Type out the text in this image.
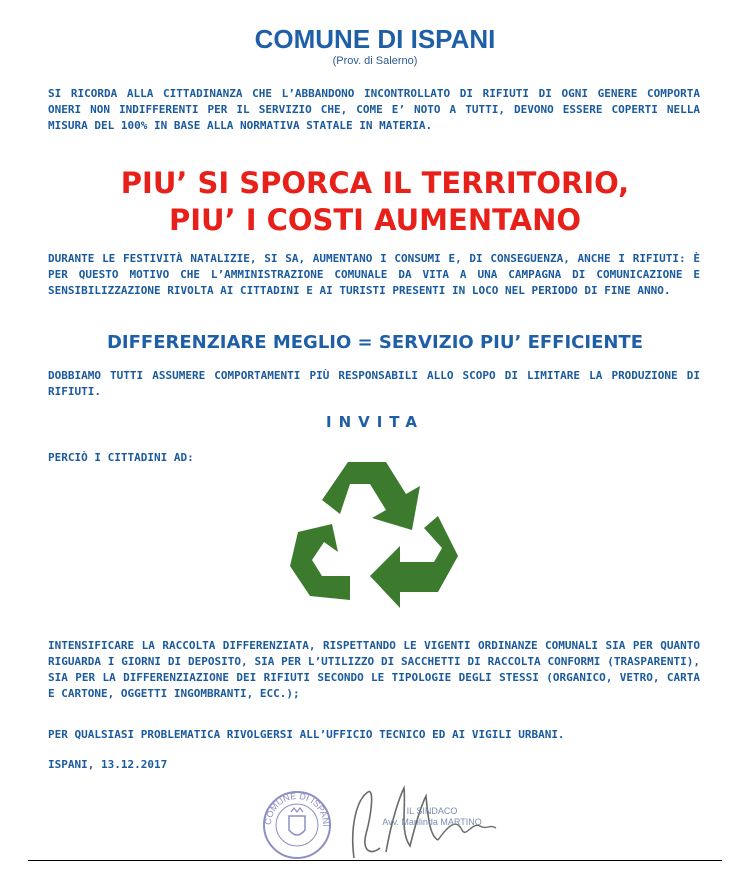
COMUNE DI ISPANI
(Prov. di Salerno)
SI RICORDA ALLA CITTADINANZA CHE L’ABBANDONO INCONTROLLATO DI RIFIUTI DI OGNI GENERE COMPORTA ONERI NON INDIFFERENTI PER IL SERVIZIO CHE, COME E’ NOTO A TUTTI, DEVONO ESSERE COPERTI NELLA MISURA DEL 100% IN BASE ALLA NORMATIVA STATALE IN MATERIA.
PIU’ SI SPORCA IL TERRITORIO,
PIU’ I COSTI AUMENTANO
DURANTE LE FESTIVITÀ NATALIZIE, SI SA, AUMENTANO I CONSUMI E, DI CONSEGUENZA, ANCHE I RIFIUTI: È PER QUESTO MOTIVO CHE L’AMMINISTRAZIONE COMUNALE DA VITA A UNA CAMPAGNA DI COMUNICAZIONE E SENSIBILIZZAZIONE RIVOLTA AI CITTADINI E AI TURISTI PRESENTI IN LOCO NEL PERIODO DI FINE ANNO.
DIFFERENZIARE MEGLIO = SERVIZIO PIU’ EFFICIENTE
DOBBIAMO TUTTI ASSUMERE COMPORTAMENTI PIÙ RESPONSABILI ALLO SCOPO DI LIMITARE LA PRODUZIONE DI RIFIUTI.
INVITA
PERCIÒ I CITTADINI AD:
INTENSIFICARE LA RACCOLTA DIFFERENZIATA, RISPETTANDO LE VIGENTI ORDINANZE COMUNALI SIA PER QUANTO RIGUARDA I GIORNI DI DEPOSITO, SIA PER L’UTILIZZO DI SACCHETTI DI RACCOLTA CONFORMI (TRASPARENTI), SIA PER LA DIFFERENZIAZIONE DEI RIFIUTI SECONDO LE TIPOLOGIE DEGLI STESSI (ORGANICO, VETRO, CARTA E CARTONE, OGGETTI INGOMBRANTI, ECC.);
PER QUALSIASI PROBLEMATICA RIVOLGERSI ALL’UFFICIO TECNICO ED AI VIGILI URBANI.
ISPANI, 13.12.2017
COMUNE DI ISPANI
IL SINDACO
Avv. Marilinda MARTINO
